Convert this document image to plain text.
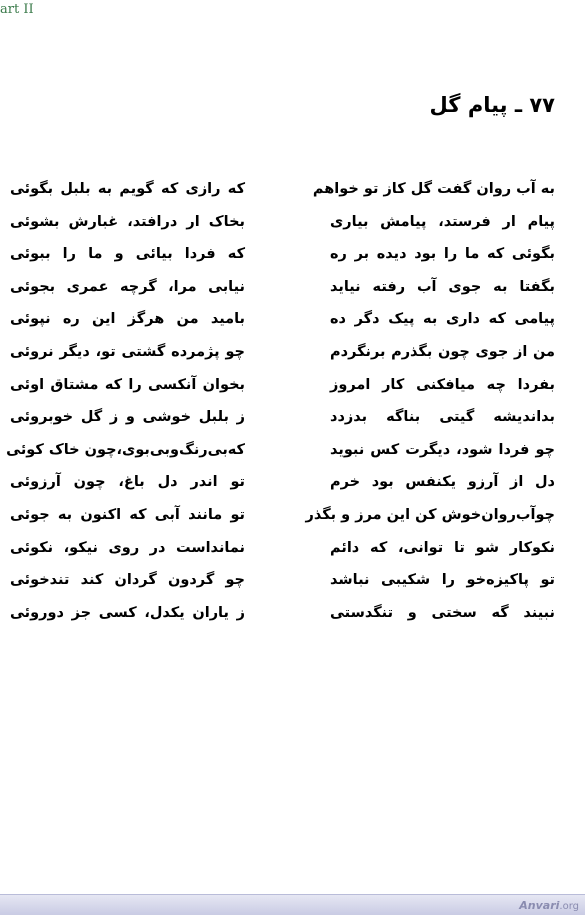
art II
۷۷ ـ پیام گل
به آب روان گفت گل کاز تو خواهم
که رازی که گویم به بلبل بگوئی
پیام ار فرستد، پیامش بیاری
بخاک ار درافتد، غبارش بشوئی
بگوئی که ما را بود دیده بر ره
که فردا بیائی و ما را ببوئی
بگفتا به جوی آب رفته نیاید
نیابی مرا، گرچه عمری بجوئی
پیامی که داری به پیک دگر ده
بامید من هرگز این ره نپوئی
من از جوی چون بگذرم برنگردم
چو پژمرده گشتی تو، دیگر نروئی
بفردا چه میافکنی کار امروز
بخوان آنکسی را که مشتاق اوئی
بداندیشه گیتی بناگه بدزدد
ز بلبل خوشی و ز گل خوبروئی
چو فردا شود، دیگرت کس نبوید
که‌بی‌رنگ‌وبی‌بوی،چون خاک کوئی
دل از آرزو یکنفس بود خرم
تو اندر دل باغ، چون آرزوئی
چوآب‌روان‌خوش کن این مرز و بگذر
تو مانند آبی که اکنون به جوئی
نکوکار شو تا توانی، که دائم
نمانداست در روی نیکو، نکوئی
تو پاکیزه‌خو را شکیبی نباشد
چو گردون گردان کند تندخوئی
نبیند گه سختی و تنگدستی
ز یاران یکدل، کسی جز دوروئی
Anvari.org
